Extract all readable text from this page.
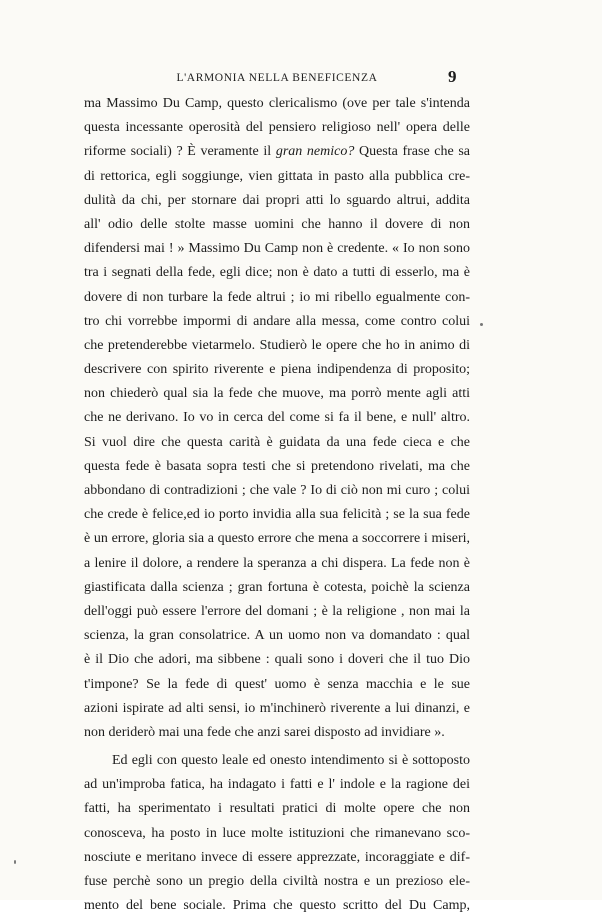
L'ARMONIA NELLA BENEFICENZA	9
ma Massimo Du Camp, questo clericalismo (ove per tale s'intenda
questa incessante operosità del pensiero religioso nell' opera delle
riforme sociali) ? È veramente il gran nemico? Questa frase che sa
di rettorica, egli soggiunge, vien gittata in pasto alla pubblica cre-
dulità da chi, per stornare dai propri atti lo sguardo altrui, addita
all' odio delle stolte masse uomini che hanno il dovere di non
difendersi mai ! » Massimo Du Camp non è credente. « Io non sono
tra i segnati della fede, egli dice; non è dato a tutti di esserlo, ma è
dovere di non turbare la fede altrui ; io mi ribello egualmente con-
tro chi vorrebbe impormi di andare alla messa, come contro colui
che pretenderebbe vietarmelo. Studierò le opere che ho in animo di
descrivere con spirito riverente e piena indipendenza di proposito;
non chiederò qual sia la fede che muove, ma porrò mente agli atti
che ne derivano. Io vo in cerca del come si fa il bene, e null' altro.
Si vuol dire che questa carità è guidata da una fede cieca e che
questa fede è basata sopra testi che si pretendono rivelati, ma che
abbondano di contradizioni ; che vale ? Io di ciò non mi curo ; colui
che crede è felice,ed io porto invidia alla sua felicità ; se la sua fede
è un errore, gloria sia a questo errore che mena a soccorrere i miseri,
a lenire il dolore, a rendere la speranza a chi dispera. La fede non è
giastificata dalla scienza ; gran fortuna è cotesta, poichè la scienza
dell'oggi può essere l'errore del domani ; è la religione , non mai la
scienza, la gran consolatrice. A un uomo non va domandato : qual
è il Dio che adori, ma sibbene : quali sono i doveri che il tuo Dio
t'impone? Se la fede di quest' uomo è senza macchia e le sue
azioni ispirate ad alti sensi, io m'inchinerò riverente a lui dinanzi, e
non deriderò mai una fede che anzi sarei disposto ad invidiare ».
Ed egli con questo leale ed onesto intendimento si è sottoposto
ad un'improba fatica, ha indagato i fatti e l' indole e la ragione dei
fatti, ha sperimentato i resultati pratici di molte opere che non
conosceva, ha posto in luce molte istituzioni che rimanevano sco-
nosciute e meritano invece di essere apprezzate, incoraggiate e dif-
fuse perchè sono un pregio della civiltà nostra e un prezioso ele-
mento del bene sociale. Prima che questo scritto del Du Camp,
